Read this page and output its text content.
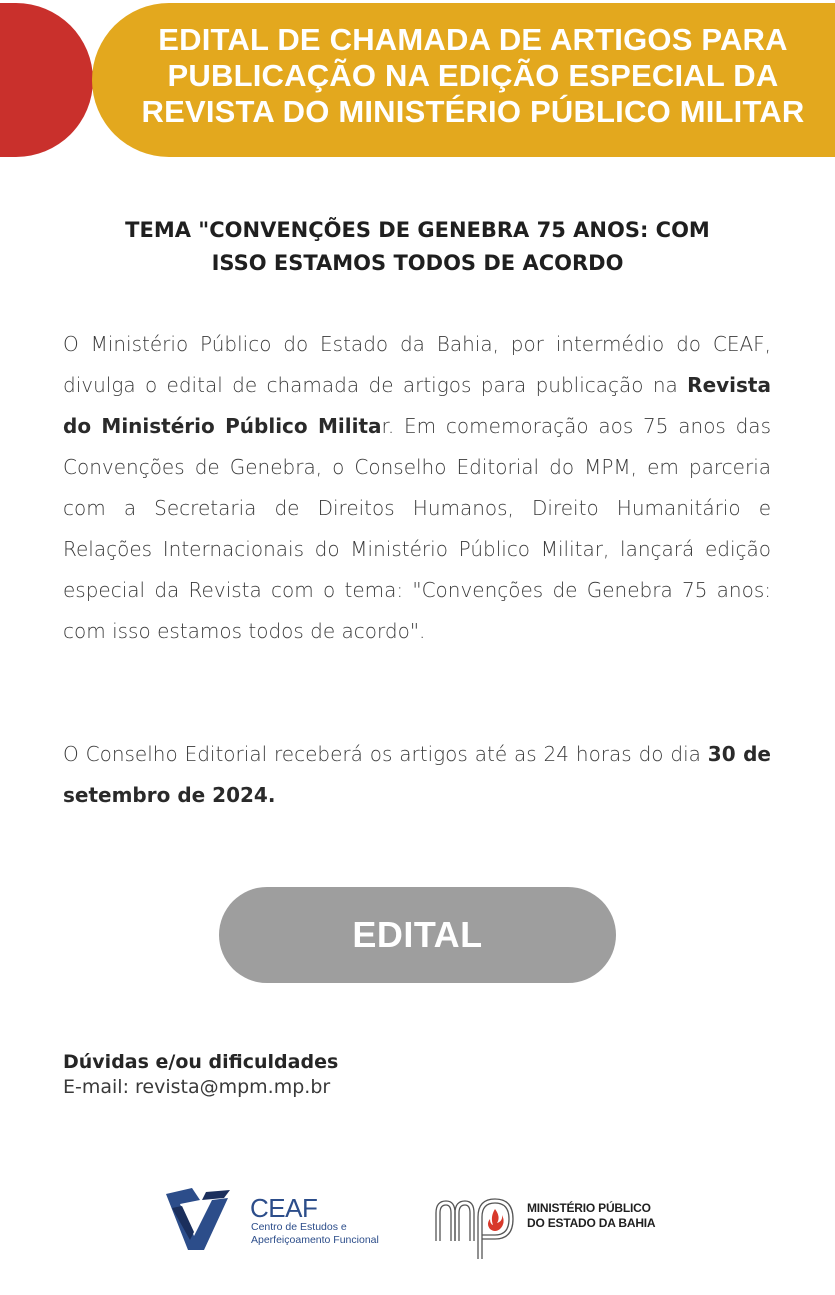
EDITAL DE CHAMADA DE ARTIGOS PARA
PUBLICAÇÃO NA EDIÇÃO ESPECIAL DA
REVISTA DO MINISTÉRIO PÚBLICO MILITAR
TEMA "CONVENÇÕES DE GENEBRA 75 ANOS: COM
ISSO ESTAMOS TODOS DE ACORDO

O Ministério Público do Estado da Bahia, por intermédio do CEAF, divulga o edital de chamada de artigos para publicação na Revista do Ministério Público Militar. Em comemoração aos 75 anos das Convenções de Genebra, o Conselho Editorial do MPM, em parceria com a Secretaria de Direitos Humanos, Direito Humanitário e Relações Internacionais do Ministério Público Militar, lançará edição especial da Revista com o tema: "Convenções de Genebra 75 anos: com isso estamos todos de acordo".

O Conselho Editorial receberá os artigos até as 24 horas do dia 30 de setembro de 2024.

EDITAL

Dúvidas e/ou dificuldades

E-mail: revista@mpm.mp.br

CEAF

Centro de Estudos e
Aperfeiçoamento Funcional

MINISTÉRIO PÚBLICO
DO ESTADO DA BAHIA
